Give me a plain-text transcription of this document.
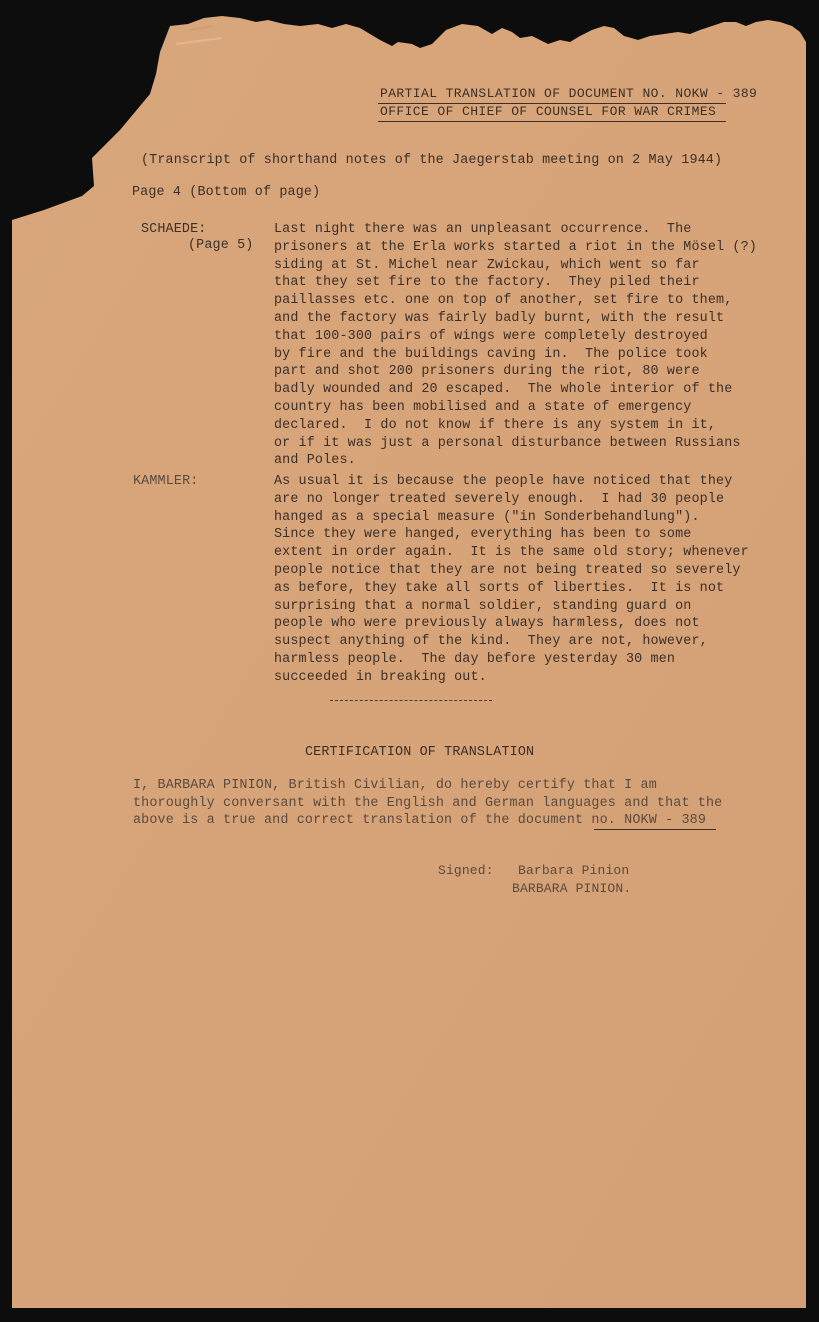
PARTIAL TRANSLATION OF DOCUMENT NO. NOKW - 389
OFFICE OF CHIEF OF COUNSEL FOR WAR CRIMES
(Transcript of shorthand notes of the Jaegerstab meeting on 2 May 1944)
Page 4 (Bottom of page)
SCHAEDE:
(Page 5)
Last night there was an unpleasant occurrence.  The
prisoners at the Erla works started a riot in the Mösel (?)
siding at St. Michel near Zwickau, which went so far
that they set fire to the factory.  They piled their
paillasses etc. one on top of another, set fire to them,
and the factory was fairly badly burnt, with the result
that 100-300 pairs of wings were completely destroyed
by fire and the buildings caving in.  The police took
part and shot 200 prisoners during the riot, 80 were
badly wounded and 20 escaped.  The whole interior of the
country has been mobilised and a state of emergency
declared.  I do not know if there is any system in it,
or if it was just a personal disturbance between Russians
and Poles.
KAMMLER:	As usual it is because the people have noticed that they
are no longer treated severely enough.  I had 30 people
hanged as a special measure ("in Sonderbehandlung").
Since they were hanged, everything has been to some
extent in order again.  It is the same old story; whenever
people notice that they are not being treated so severely
as before, they take all sorts of liberties.  It is not
surprising that a normal soldier, standing guard on
people who were previously always harmless, does not
suspect anything of the kind.  They are not, however,
harmless people.  The day before yesterday 30 men
succeeded in breaking out.
CERTIFICATION OF TRANSLATION
I, BARBARA PINION, British Civilian, do hereby certify that I am
thoroughly conversant with the English and German languages and that the
above is a true and correct translation of the document no. NOKW - 389
Signed: Barbara Pinion
BARBARA PINION.
